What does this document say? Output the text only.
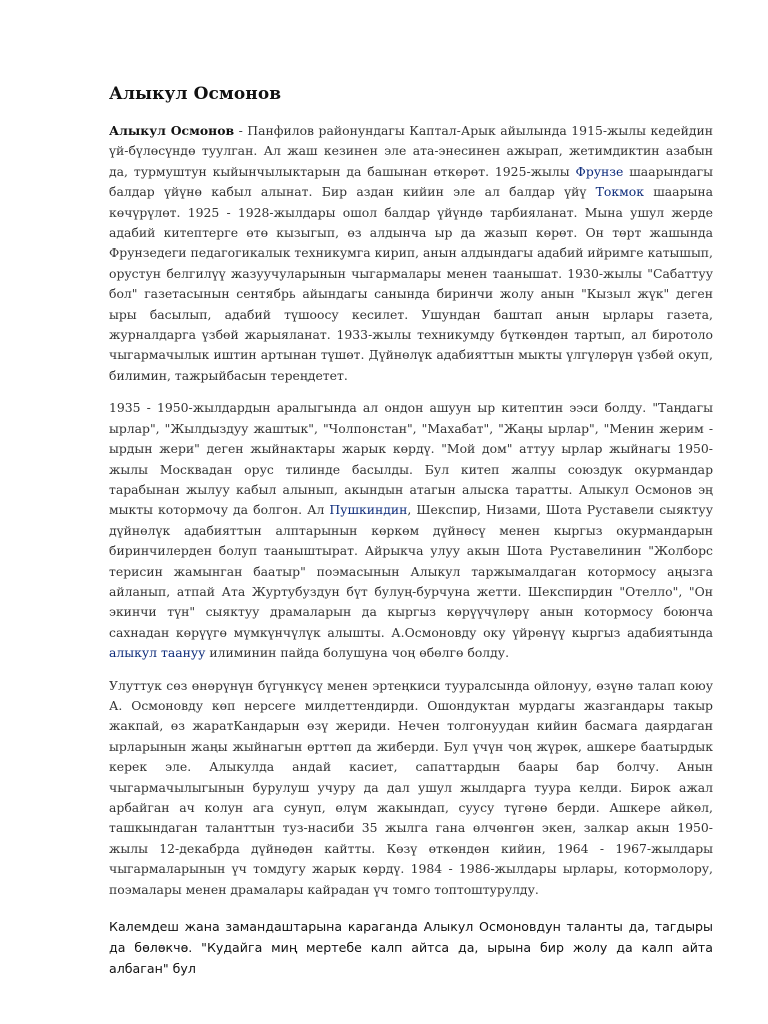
Алыкул Осмонов

Алыкул Осмонов - Панфилов районундагы Каптал-Арык айылында 1915-жылы кедейдин үй-бүлөсүндө туулган. Ал жаш кезинен эле ата-энесинен ажырап, жетимдиктин азабын да, турмуштун кыйынчылыктарын да башынан өткөрөт. 1925-жылы Фрунзе шаарындагы балдар үйүнө кабыл алынат. Бир аздан кийин эле ал балдар үйү Токмок шаарына көчүрүлөт. 1925 - 1928-жылдары ошол балдар үйүндө тарбияланат. Мына ушул жерде адабий китептерге өтө кызыгып, өз алдынча ыр да жазып көрөт. Он төрт жашында Фрунзедеги педагогикалык техникумга кирип, анын алдындагы адабий ийримге катышып, орустун белгилүү жазуучуларынын чыгармалары менен таанышат. 1930-жылы "Сабаттуу бол" газетасынын сентябрь айындагы санында биринчи жолу анын "Кызыл жүк" деген ыры басылып, адабий түшоосу кесилет. Ушундан баштап анын ырлары газета, журналдарга үзбөй жарыяланат. 1933-жылы техникумду бүткөндөн тартып, ал биротоло чыгармачылык иштин артынан түшөт. Дүйнөлүк адабияттын мыкты үлгүлөрүн үзбөй окуп, билимин, тажрыйбасын тереңдетет.

1935 - 1950-жылдардын аралыгында ал ондон ашуун ыр китептин ээси болду. "Таңдагы ырлар", "Жылдыздуу жаштык", "Чолпонстан", "Махабат", "Жаңы ырлар", "Менин жерим - ырдын жери" деген жыйнактары жарык көрдү. "Мой дом" аттуу ырлар жыйнагы 1950-жылы Москвадан орус тилинде басылды. Бул китеп жалпы союздук окурмандар тарабынан жылуу кабыл алынып, акындын атагын алыска таратты. Алыкул Осмонов эң мыкты котормочу да болгон. Ал Пушкиндин, Шекспир, Низами, Шота Руставели сыяктуу дүйнөлүк адабияттын алптарынын көркөм дүйнөсү менен кыргыз окурмандарын биринчилерден болуп тааныштырат. Айрыкча улуу акын Шота Руставелинин "Жолборс терисин жамынган баатыр" поэмасынын Алыкул таржымалдаган котормосу аңызга айланып, атпай Ата Журтубуздун бүт булуң-бурчуна жетти. Шекспирдин "Отелло", "Он экинчи түн" сыяктуу драмаларын да кыргыз көрүүчүлөрү анын котормосу боюнча сахнадан көрүүгө мүмкүнчүлүк алышты. А.Осмоновду оку үйрөнүү кыргыз адабиятында алыкул таануу илиминин пайда болушуна чоң өбөлгө болду.

Улуттук сөз өнөрүнүн бүгүнкүсү менен эртеңкиси тууралсында ойлонуу, өзүнө талап коюу А. Осмоновду көп нерсеге милдеттендирди. Ошондуктан мурдагы жазгандары такыр жакпай, өз жаратКандарын өзү жериди. Нечен толгонуудан кийин басмага даярдаган ырларынын жаңы жыйнагын өрттөп да жиберди. Бул үчүн чоң жүрөк, ашкере баатырдык керек эле. Алыкулда андай касиет, сапаттардын баары бар болчу. Анын чыгармачылыгынын бурулуш учуру да дал ушул жылдарга туура келди. Бирок ажал арбайган ач колун ага сунуп, өлүм жакындап, суусу түгөнө берди. Ашкере айкөл, ташкындаган таланттын туз-насиби 35 жылга гана өлчөнгөн экен, залкар акын 1950-жылы 12-декабрда дүйнөдөн кайтты. Көзү өткөндөн кийин, 1964 - 1967-жылдары чыгармаларынын үч томдугу жарык көрдү. 1984 - 1986-жылдары ырлары, котормолору, поэмалары менен драмалары кайрадан үч томго топтоштурулду.

Калемдеш жана замандаштарына караганда Алыкул Осмоновдун таланты да, тагдыры да бөлөкчө. "Кудайга миң мертебе калп айтса да, ырына бир жолу да калп айта албаган" бул
